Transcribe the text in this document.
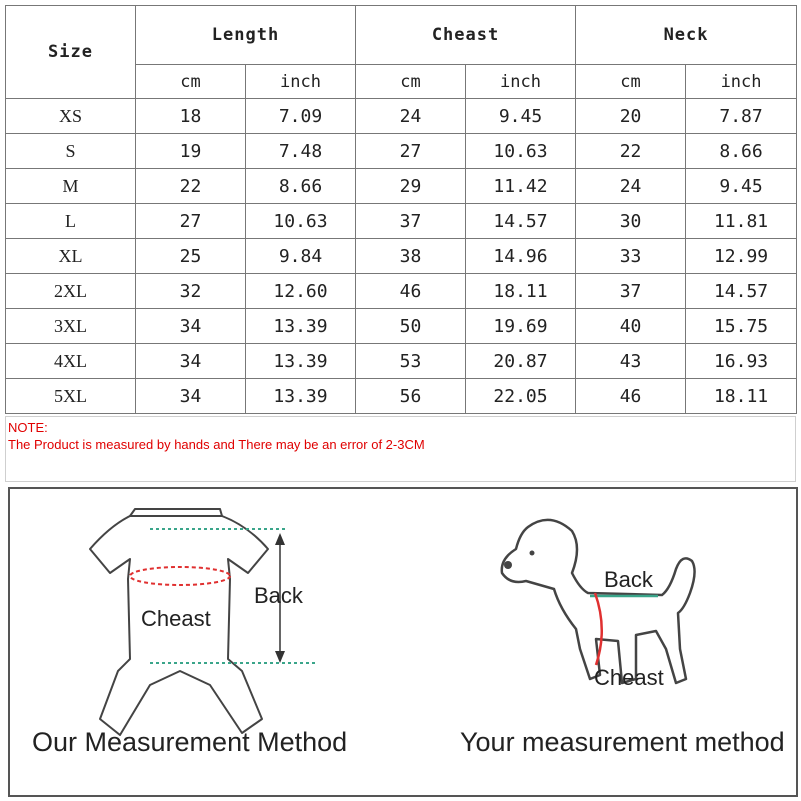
Size	Length		Cheast		Neck	
	cm	inch	cm	inch	cm	inch
XS	18	7.09	24	9.45	20	7.87
S	19	7.48	27	10.63	22	8.66
M	22	8.66	29	11.42	24	9.45
L	27	10.63	37	14.57	30	11.81
XL	25	9.84	38	14.96	33	12.99
2XL	32	12.60	46	18.11	37	14.57
3XL	34	13.39	50	19.69	40	15.75
4XL	34	13.39	53	20.87	43	16.93
5XL	34	13.39	56	22.05	46	18.11
NOTE:
The Product is measured by hands and There may be an error of 2-3CM
Cheast
Back
Our Measurement Method
Back
Cheast
Your measurement method
